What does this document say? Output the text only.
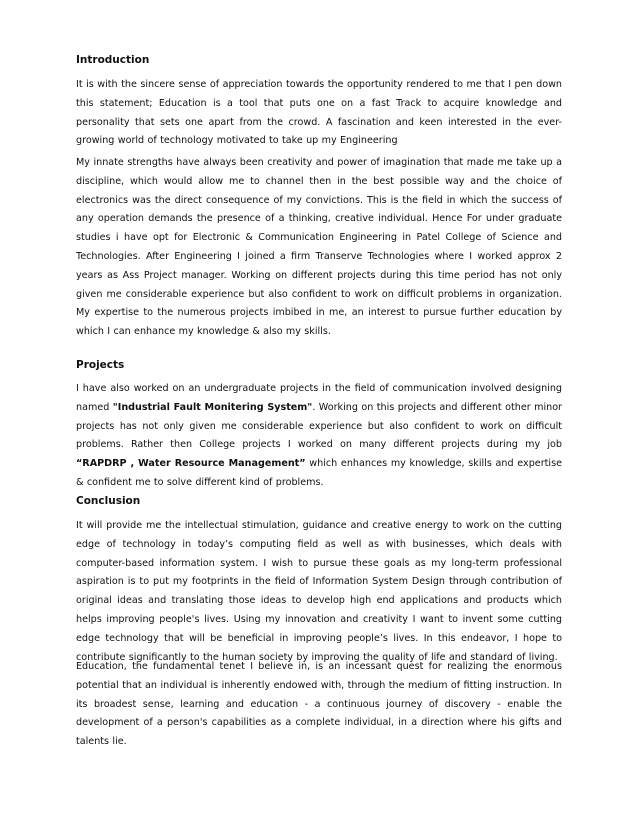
Introduction

It is with the sincere sense of appreciation towards the opportunity rendered to me that I pen down this statement; Education is a tool that puts one on a fast Track to acquire knowledge and personality that sets one apart from the crowd. A fascination and keen interested in the ever- growing world of technology motivated to take up my Engineering

My innate strengths have always been creativity and power of imagination that made me take up a discipline, which would allow me to channel then in the best possible way and the choice of electronics was the direct consequence of my convictions. This is the field in which the success of any operation demands the presence of a thinking, creative individual. Hence For under graduate studies i have opt for Electronic & Communication Engineering in Patel College of Science and Technologies. After Engineering I joined a firm Transerve Technologies where I worked approx 2 years as Ass Project manager. Working on different projects during this time period has not only given me considerable experience but also confident to work on difficult problems in organization. My expertise to the numerous projects imbibed in me, an interest to pursue further education by which I can enhance my knowledge & also my skills.

Projects

I have also worked on an undergraduate projects in the field of communication involved designing named "Industrial Fault Monitering System". Working on this projects and different other minor projects has not only given me considerable experience but also confident to work on difficult problems. Rather then College projects I worked on many different projects during my job “RAPDRP , Water Resource Management” which enhances my knowledge, skills and expertise & confident me to solve different kind of problems.

Conclusion

It will provide me the intellectual stimulation, guidance and creative energy to work on the cutting edge of technology in today’s computing field as well as with businesses, which deals with computer-based information system. I wish to pursue these goals as my long-term professional aspiration is to put my footprints in the field of Information System Design through contribution of original ideas and translating those ideas to develop high end applications and products which helps improving people's lives. Using my innovation and creativity I want to invent some cutting edge technology that will be beneficial in improving people’s lives. In this endeavor, I hope to contribute significantly to the human society by improving the quality of life and standard of living.

Education, the fundamental tenet I believe in, is an incessant quest for realizing the enormous potential that an individual is inherently endowed with, through the medium of fitting instruction. In its broadest sense, learning and education - a continuous journey of discovery - enable the development of a person's capabilities as a complete individual, in a direction where his gifts and talents lie.
